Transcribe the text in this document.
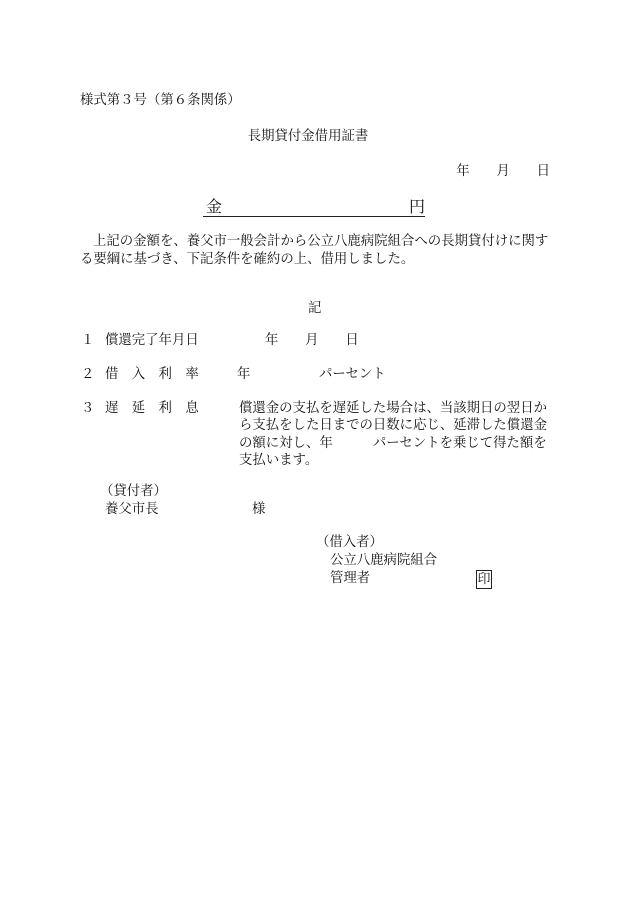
様式第３号（第６条関係）
長期貸付金借用証書
年　　月　　日
金	円
上記の金額を、養父市一般会計から公立八鹿病院組合への長期貸付けに関す
る要綱に基づき、下記条件を確約の上、借用しました。
記
１ 償還完了年月日	年　　月　　日
２ 借　入　利　率	年	パーセント
３ 遅　延　利　息	償還金の支払を遅延した場合は、当該期日の翌日か
ら支払をした日までの日数に応じ、延滞した償還金
の額に対し、年　　　パーセントを乗じて得た額を
支払います。
（貸付者）
養父市長	様
（借入者）
公立八鹿病院組合
管理者	印
